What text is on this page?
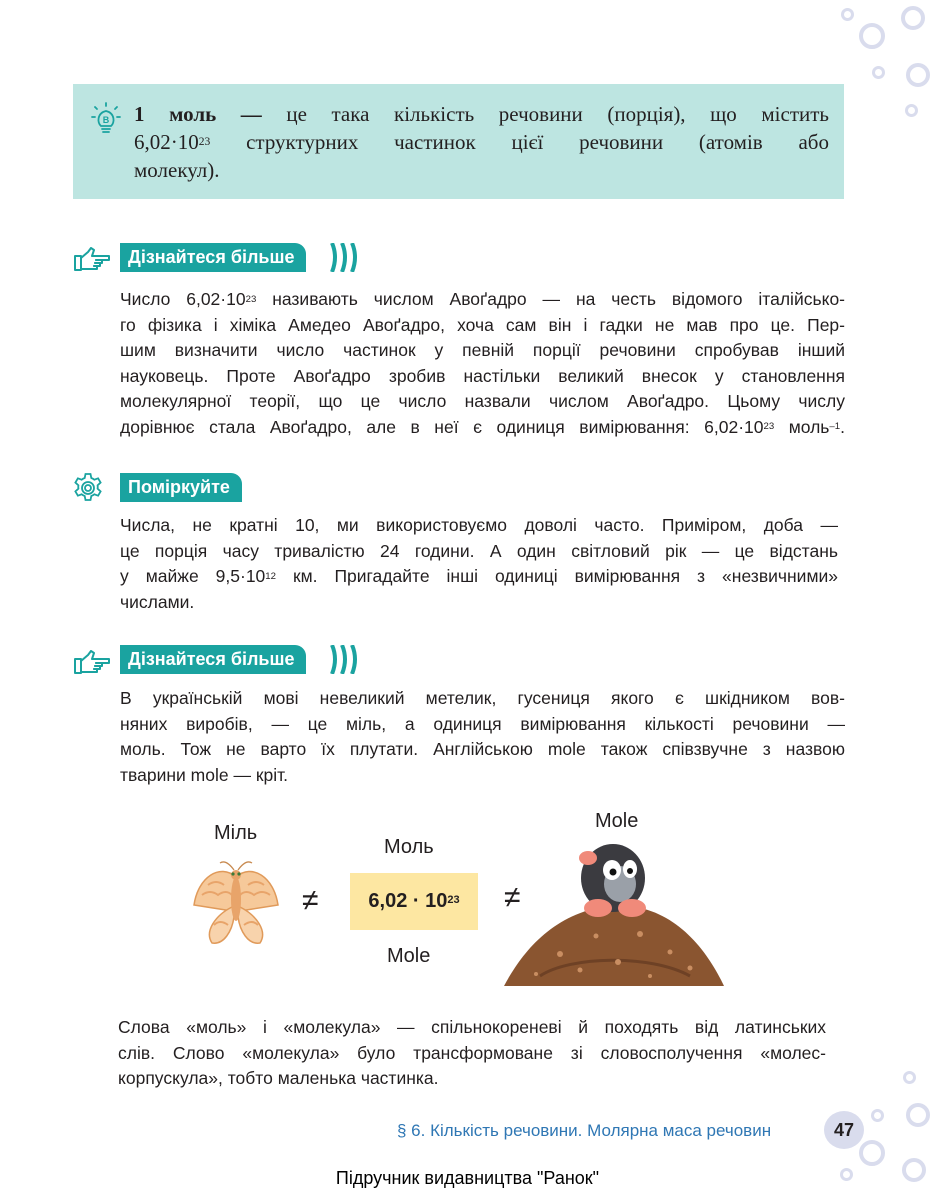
B 1 моль — це така кількість речовини (порція), що містить
$6,02\cdot 10^{23}$ структурних частинок цієї речовини (атомів або
молекул).
Дізнайтеся більше
Число $6,02\cdot 10^{23}$ називають числом Авоґадро — на честь відомого італійсько-
го фізика і хіміка Амедео Авоґадро, хоча сам він і гадки не мав про це. Пер-
шим визначити число частинок у певній порції речовини спробував інший
науковець. Проте Авоґадро зробив настільки великий внесок у становлення
молекулярної теорії, що це число назвали числом Авоґадро. Цьому числу
дорівнює стала Авоґадро, але в неї є одиниця вимірювання: $6,02\cdot 10^{23}$ моль$^{-1}$.
Поміркуйте
Числа, не кратні 10, ми використовуємо доволі часто. Приміром, доба —
це порція часу тривалістю 24 години. А один світловий рік — це відстань
у майже $9,5\cdot 10^{12}$ км. Пригадайте інші одиниці вимірювання з «незвичними»
числами.
Дізнайтеся більше
В українській мові невеликий метелик, гусениця якого є шкідником вов-
няних виробів, — це міль, а одиниця вимірювання кількості речовини —
моль. Тож не варто їх плутати. Англійською mole також співзвучне з назвою
тварини mole — кріт.
Міль
≠
Моль
$6,02 \cdot 10^{23}$
Mole
≠
Mole
Слова «моль» і «молекула» — спільнокореневі й походять від латинських
слів. Слово «молекула» було трансформоване зі словосполучення «молес-
корпускула», тобто маленька частинка.
§ 6. Кількість речовини. Молярна маса речовин	47
Підручник видавництва "Ранок"
